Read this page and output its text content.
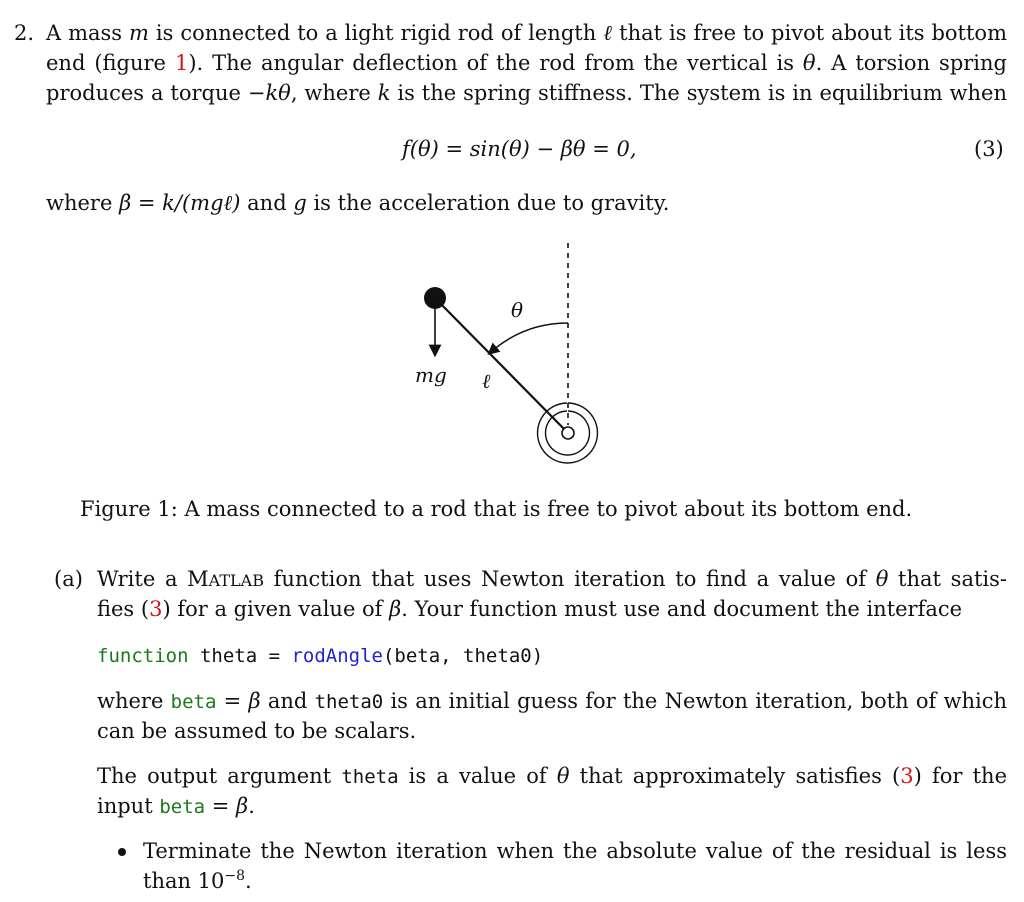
2. A mass m is connected to a light rigid rod of length ℓ that is free to pivot about its bottom
end (figure 1). The angular deflection of the rod from the vertical is θ. A torsion spring
produces a torque −kθ, where k is the spring stiffness. The system is in equilibrium when
f(θ) = sin(θ) − βθ = 0,	(3)
where β = k/(mgℓ) and g is the acceleration due to gravity.
θ
mg ℓ
Figure 1: A mass connected to a rod that is free to pivot about its bottom end.
(a) Write a MATLAB function that uses Newton iteration to find a value of θ that satis-
fies (3) for a given value of β. Your function must use and document the interface
function theta = rodAngle(beta, theta0)
where beta = β and theta0 is an initial guess for the Newton iteration, both of which
can be assumed to be scalars.
The output argument theta is a value of θ that approximately satisfies (3) for the
input beta = β.
Terminate the Newton iteration when the absolute value of the residual is less
than $10^{-8}$.
